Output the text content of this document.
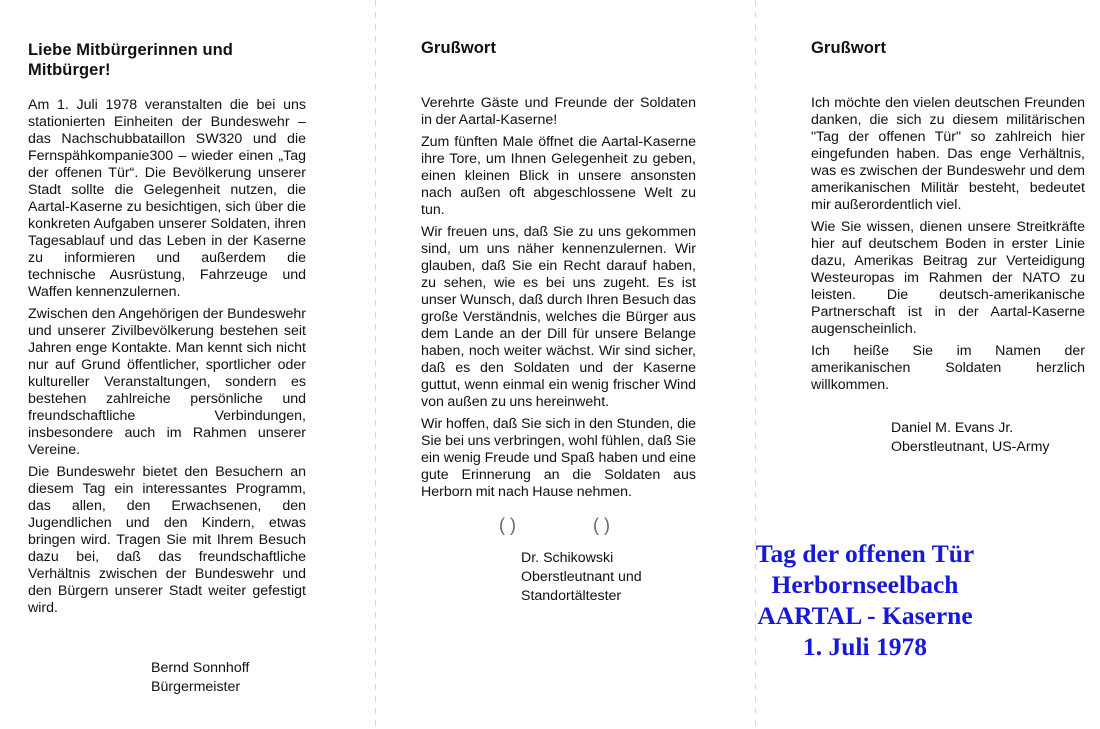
Liebe Mitbürgerinnen und
Mitbürger!

Am 1. Juli 1978 veranstalten die bei uns stationierten Einheiten der Bundeswehr – das Nachschubbataillon SW320 und die Fernspähkompanie300 – wieder einen „Tag der offenen Tür“. Die Bevölkerung unserer Stadt sollte die Gelegenheit nutzen, die Aartal-Kaserne zu besichtigen, sich über die konkreten Aufgaben unserer Soldaten, ihren Tagesablauf und das Leben in der Kaserne zu informieren und außerdem die technische Ausrüstung, Fahrzeuge und Waffen kennenzulernen.

Zwischen den Angehörigen der Bundeswehr und unserer Zivilbevölkerung bestehen seit Jahren enge Kontakte. Man kennt sich nicht nur auf Grund öffentlicher, sportlicher oder kultureller Veranstaltungen, sondern es bestehen zahlreiche persönliche und freundschaftliche Verbindungen, insbesondere auch im Rahmen unserer Vereine.

Die Bundeswehr bietet den Besuchern an diesem Tag ein interessantes Programm, das allen, den Erwachsenen, den Jugendlichen und den Kindern, etwas bringen wird. Tragen Sie mit Ihrem Besuch dazu bei, daß das freundschaftliche Verhältnis zwischen der Bundeswehr und den Bürgern unserer Stadt weiter gefestigt wird.

Bernd Sonnhoff
Bürgermeister
Grußwort

Verehrte Gäste und Freunde der Soldaten in der Aartal-Kaserne!

Zum fünften Male öffnet die Aartal-Kaserne ihre Tore, um Ihnen Gelegenheit zu geben, einen kleinen Blick in unsere ansonsten nach außen oft abgeschlossene Welt zu tun.

Wir freuen uns, daß Sie zu uns gekommen sind, um uns näher kennenzulernen. Wir glauben, daß Sie ein Recht darauf haben, zu sehen, wie es bei uns zugeht. Es ist unser Wunsch, daß durch Ihren Besuch das große Verständnis, welches die Bürger aus dem Lande an der Dill für unsere Belange haben, noch weiter wächst. Wir sind sicher, daß es den Soldaten und der Kaserne guttut, wenn einmal ein wenig frischer Wind von außen zu uns hereinweht.

Wir hoffen, daß Sie sich in den Stunden, die Sie bei uns verbringen, wohl fühlen, daß Sie ein wenig Freude und Spaß haben und eine gute Erinnerung an die Soldaten aus Herborn mit nach Hause nehmen.

( )	( )
Dr. Schikowski
Oberstleutnant und
Standortältester
Grußwort

Ich möchte den vielen deutschen Freunden danken, die sich zu diesem militärischen "Tag der offenen Tür" so zahlreich hier eingefunden haben. Das enge Verhältnis, was es zwischen der Bundeswehr und dem amerikanischen Militär besteht, bedeutet mir außerordentlich viel.

Wie Sie wissen, dienen unsere Streitkräfte hier auf deutschem Boden in erster Linie dazu, Amerikas Beitrag zur Verteidigung Westeuropas im Rahmen der NATO zu leisten. Die deutsch-amerikanische Partnerschaft ist in der Aartal-Kaserne augenscheinlich.

Ich heiße Sie im Namen der amerikanischen Soldaten herzlich willkommen.

Daniel M. Evans Jr.
Oberstleutnant, US-Army
Tag der offenen Tür
Herbornseelbach
AARTAL - Kaserne
1. Juli 1978
